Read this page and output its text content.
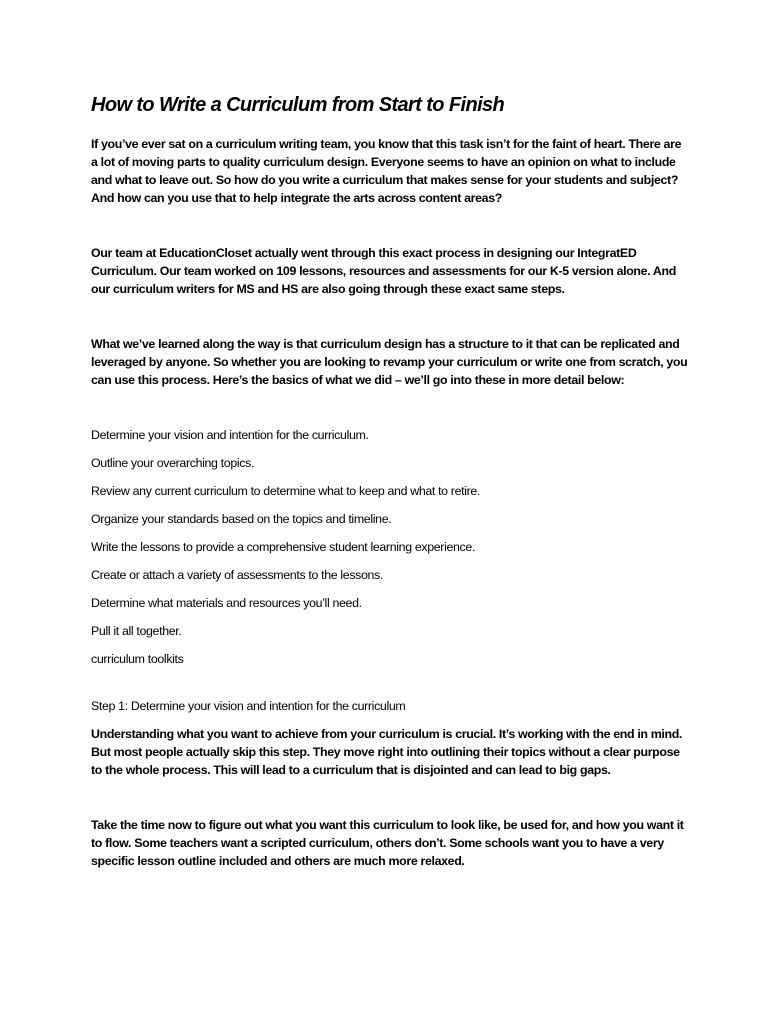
How to Write a Curriculum from Start to Finish

If you’ve ever sat on a curriculum writing team, you know that this task isn’t for the faint of heart. There are a lot of moving parts to quality curriculum design. Everyone seems to have an opinion on what to include and what to leave out. So how do you write a curriculum that makes sense for your students and subject? And how can you use that to help integrate the arts across content areas?

Our team at EducationCloset actually went through this exact process in designing our IntegratED Curriculum. Our team worked on 109 lessons, resources and assessments for our K-5 version alone. And our curriculum writers for MS and HS are also going through these exact same steps.

What we’ve learned along the way is that curriculum design has a structure to it that can be replicated and leveraged by anyone. So whether you are looking to revamp your curriculum or write one from scratch, you can use this process. Here’s the basics of what we did – we’ll go into these in more detail below:

Determine your vision and intention for the curriculum.

Outline your overarching topics.

Review any current curriculum to determine what to keep and what to retire.

Organize your standards based on the topics and timeline.

Write the lessons to provide a comprehensive student learning experience.

Create or attach a variety of assessments to the lessons.

Determine what materials and resources you’ll need.

Pull it all together.

curriculum toolkits

Step 1: Determine your vision and intention for the curriculum

Understanding what you want to achieve from your curriculum is crucial. It’s working with the end in mind. But most people actually skip this step. They move right into outlining their topics without a clear purpose to the whole process. This will lead to a curriculum that is disjointed and can lead to big gaps.

Take the time now to figure out what you want this curriculum to look like, be used for, and how you want it to flow. Some teachers want a scripted curriculum, others don’t. Some schools want you to have a very specific lesson outline included and others are much more relaxed.
